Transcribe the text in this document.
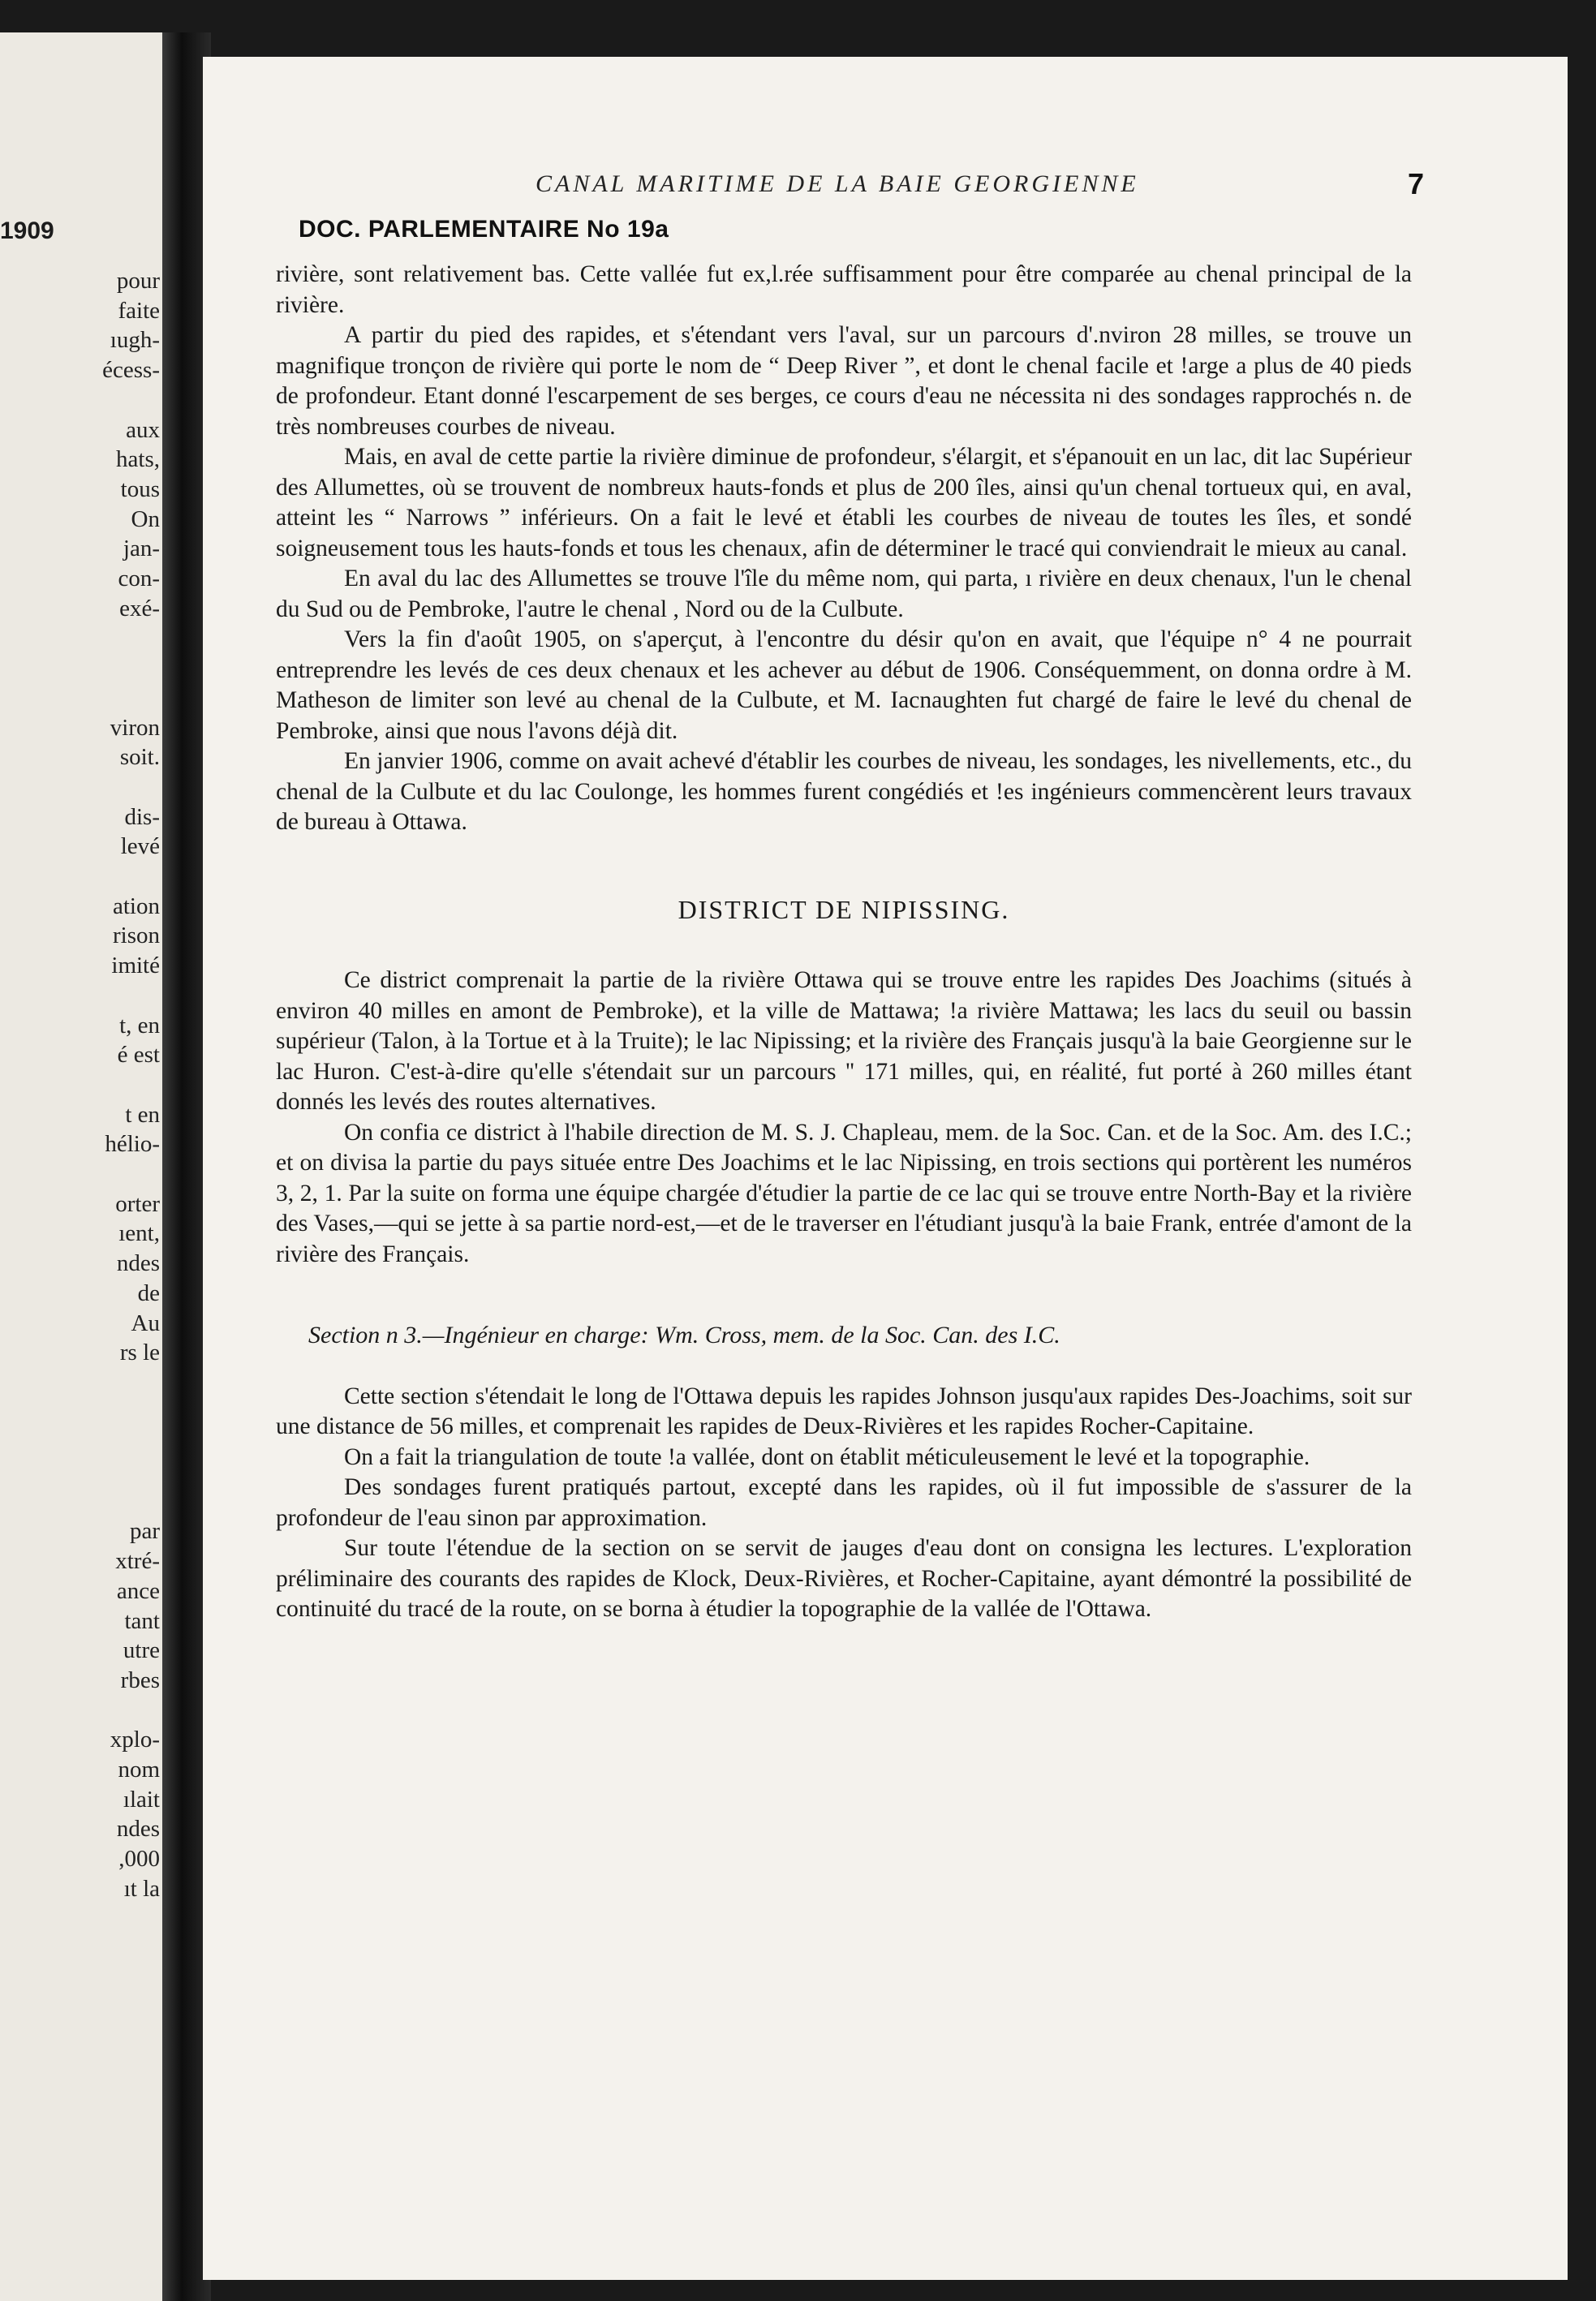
1909
pour
faite
ıugh-
écess-
aux
hats,
tous
On
jan-
con-
exé-
viron
soit.
dis-
levé
ation
rison
imité
t, en
é est
t en
hélio-
orter
ıent,
ndes
de
Au
rs le
par
xtré-
ance
tant
utre
rbes
xplo-
nom
ılait
ndes
,000
ıt la
CANAL MARITIME DE LA BAIE GEORGIENNE	7
DOC. PARLEMENTAIRE No 19a

rivière, sont relativement bas. Cette vallée fut ex,l.rée suffisamment pour être comparée au chenal principal de la rivière.

A partir du pied des rapides, et s'étendant vers l'aval, sur un parcours d'.nviron 28 milles, se trouve un magnifique tronçon de rivière qui porte le nom de “ Deep River ”, et dont le chenal facile et !arge a plus de 40 pieds de profondeur. Etant donné l'escarpement de ses berges, ce cours d'eau ne nécessita ni des sondages rapprochés n. de très nombreuses courbes de niveau.

Mais, en aval de cette partie la rivière diminue de profondeur, s'élargit, et s'épanouit en un lac, dit lac Supérieur des Allumettes, où se trouvent de nombreux hauts-fonds et plus de 200 îles, ainsi qu'un chenal tortueux qui, en aval, atteint les “ Narrows ” inférieurs. On a fait le levé et établi les courbes de niveau de toutes les îles, et sondé soigneusement tous les hauts-fonds et tous les chenaux, afin de déterminer le tracé qui conviendrait le mieux au canal.

En aval du lac des Allumettes se trouve l'île du même nom, qui parta, ı rivière en deux chenaux, l'un le chenal du Sud ou de Pembroke, l'autre le chenal , Nord ou de la Culbute.

Vers la fin d'août 1905, on s'aperçut, à l'encontre du désir qu'on en avait, que l'équipe n° 4 ne pourrait entreprendre les levés de ces deux chenaux et les achever au début de 1906. Conséquemment, on donna ordre à M. Matheson de limiter son levé au chenal de la Culbute, et M. Iacnaughten fut chargé de faire le levé du chenal de Pembroke, ainsi que nous l'avons déjà dit.

En janvier 1906, comme on avait achevé d'établir les courbes de niveau, les sondages, les nivellements, etc., du chenal de la Culbute et du lac Coulonge, les hommes furent congédiés et !es ingénieurs commencèrent leurs travaux de bureau à Ottawa.

DISTRICT DE NIPISSING.

Ce district comprenait la partie de la rivière Ottawa qui se trouve entre les rapides Des Joachims (situés à environ 40 milles en amont de Pembroke), et la ville de Mattawa; !a rivière Mattawa; les lacs du seuil ou bassin supérieur (Talon, à la Tortue et à la Truite); le lac Nipissing; et la rivière des Français jusqu'à la baie Georgienne sur le lac Huron. C'est-à-dire qu'elle s'étendait sur un parcours '' 171 milles, qui, en réalité, fut porté à 260 milles étant donnés les levés des routes alternatives.

On confia ce district à l'habile direction de M. S. J. Chapleau, mem. de la Soc. Can. et de la Soc. Am. des I.C.; et on divisa la partie du pays située entre Des Joachims et le lac Nipissing, en trois sections qui portèrent les numéros 3, 2, 1. Par la suite on forma une équipe chargée d'étudier la partie de ce lac qui se trouve entre North-Bay et la rivière des Vases,—qui se jette à sa partie nord-est,—et de le traverser en l'étudiant jusqu'à la baie Frank, entrée d'amont de la rivière des Français.

Section n 3.—Ingénieur en charge: Wm. Cross, mem. de la Soc. Can. des I.C.

Cette section s'étendait le long de l'Ottawa depuis les rapides Johnson jusqu'aux rapides Des-Joachims, soit sur une distance de 56 milles, et comprenait les rapides de Deux-Rivières et les rapides Rocher-Capitaine.

On a fait la triangulation de toute !a vallée, dont on établit méticuleusement le levé et la topographie.

Des sondages furent pratiqués partout, excepté dans les rapides, où il fut impossible de s'assurer de la profondeur de l'eau sinon par approximation.

Sur toute l'étendue de la section on se servit de jauges d'eau dont on consigna les lectures. L'exploration préliminaire des courants des rapides de Klock, Deux-Rivières, et Rocher-Capitaine, ayant démontré la possibilité de continuité du tracé de la route, on se borna à étudier la topographie de la vallée de l'Ottawa.
